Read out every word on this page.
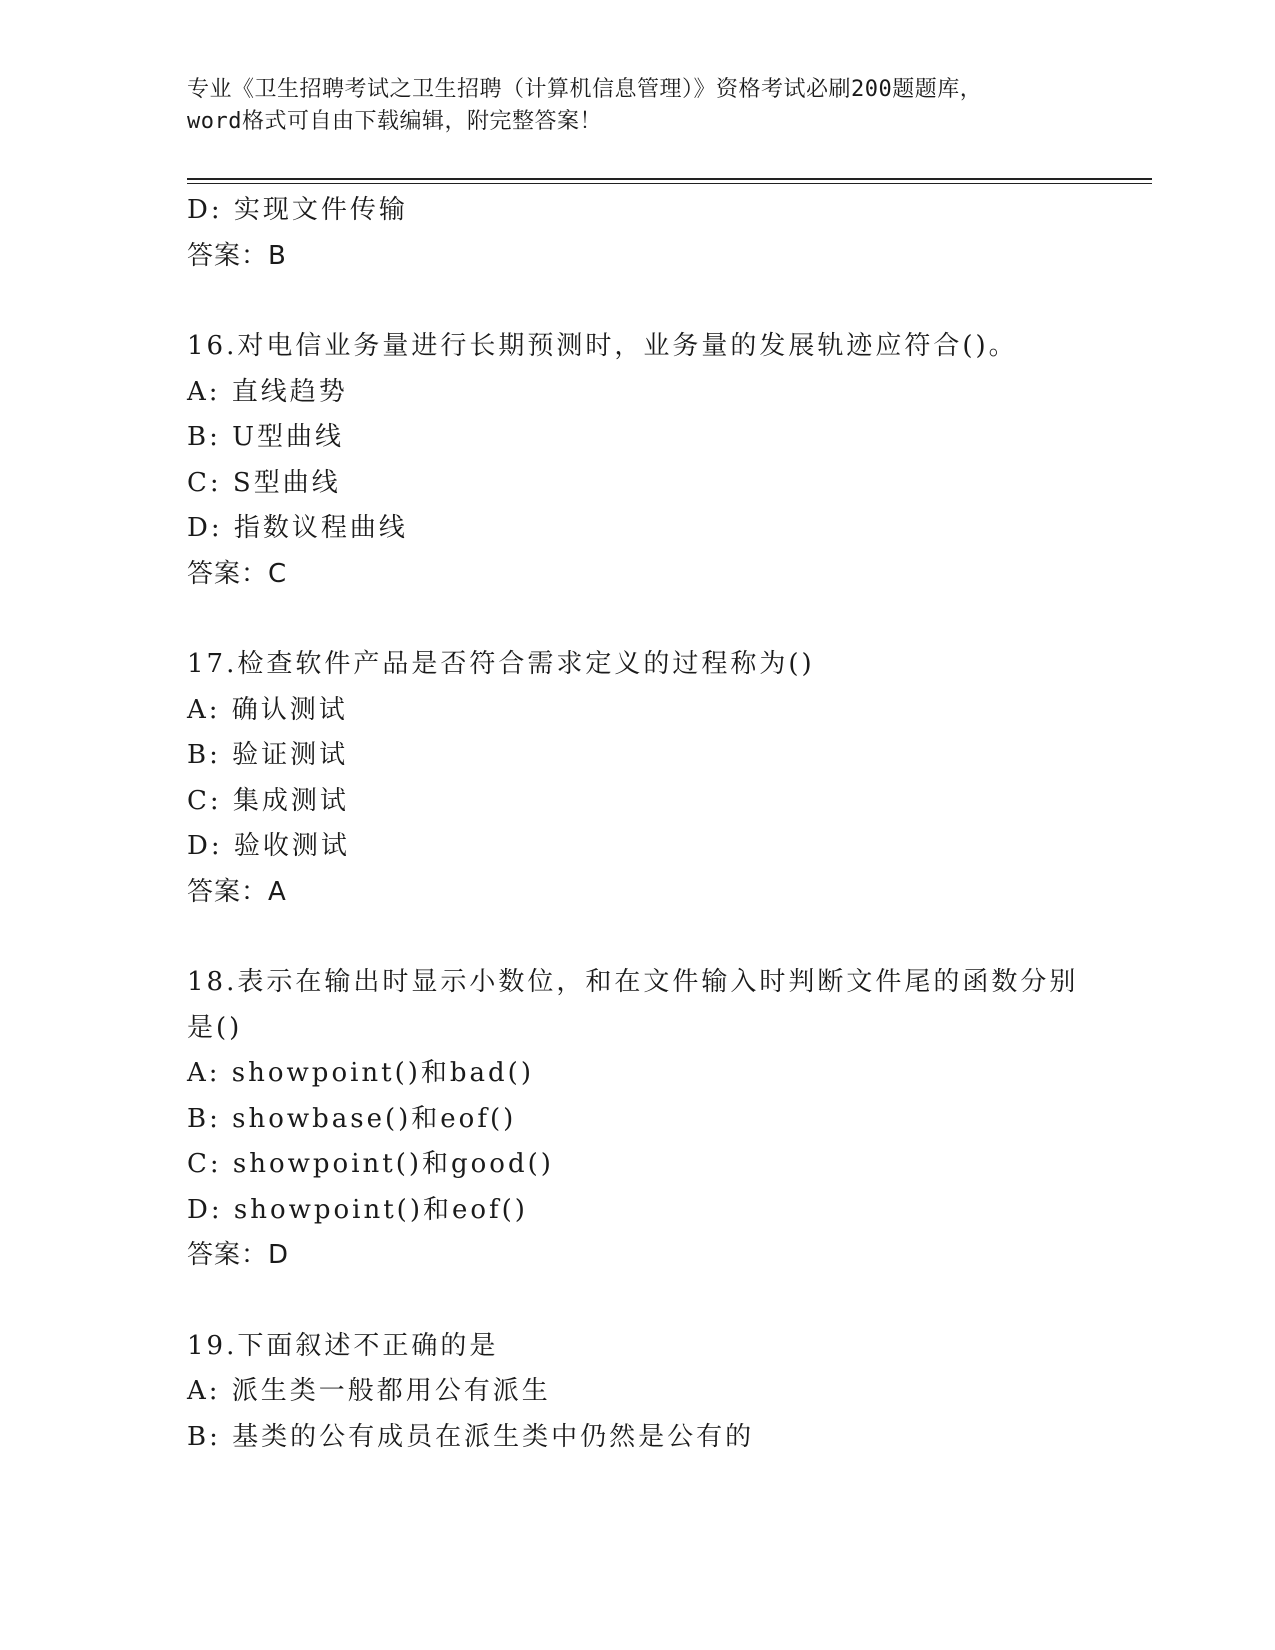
专业《卫生招聘考试之卫生招聘（计算机信息管理）》资格考试必刷200题题库，
word格式可自由下载编辑，附完整答案！
D: 实现文件传输
答案：B
16.对电信业务量进行长期预测时，业务量的发展轨迹应符合()。
A: 直线趋势
B: U型曲线
C: S型曲线
D: 指数议程曲线
答案：C
17.检查软件产品是否符合需求定义的过程称为()
A: 确认测试
B: 验证测试
C: 集成测试
D: 验收测试
答案：A
18.表示在输出时显示小数位，和在文件输入时判断文件尾的函数分别
是()
A: showpoint()和bad()
B: showbase()和eof()
C: showpoint()和good()
D: showpoint()和eof()
答案：D
19.下面叙述不正确的是
A: 派生类一般都用公有派生
B: 基类的公有成员在派生类中仍然是公有的
